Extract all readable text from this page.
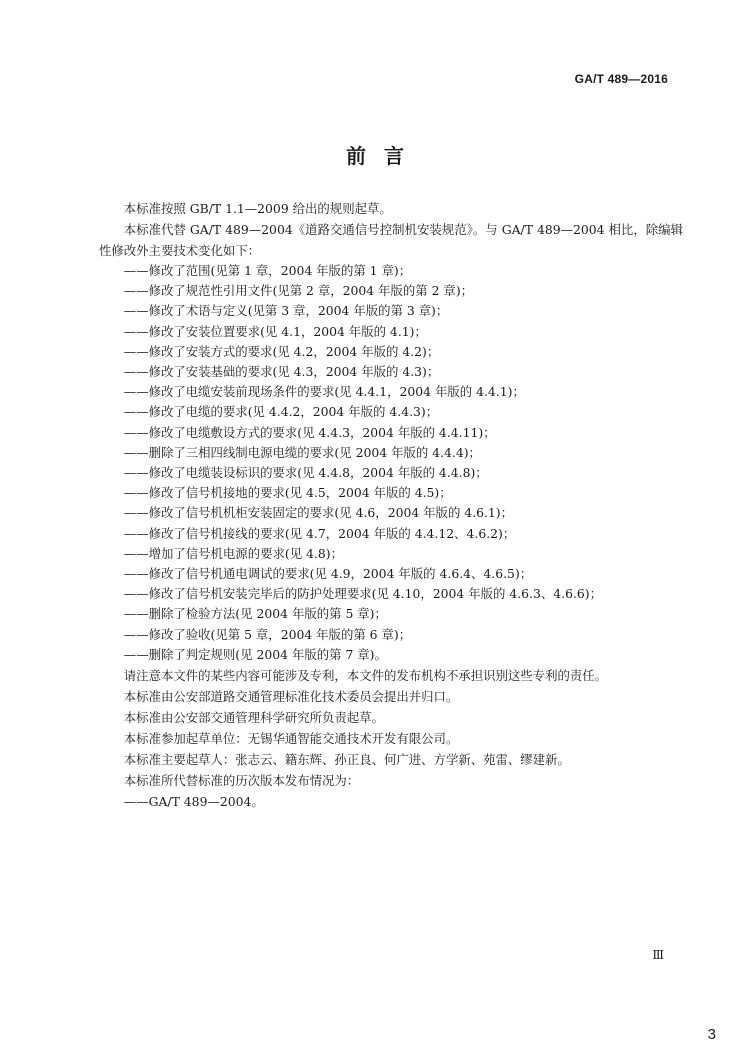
GA/T 489—2016
前言

本标准按照 GB/T 1.1—2009 给出的规则起草。

本标准代替 GA/T 489—2004《道路交通信号控制机安装规范》。与 GA/T 489—2004 相比，除编辑性修改外主要技术变化如下：

——修改了范围(见第 1 章，2004 年版的第 1 章)；

——修改了规范性引用文件(见第 2 章，2004 年版的第 2 章)；

——修改了术语与定义(见第 3 章，2004 年版的第 3 章)；

——修改了安装位置要求(见 4.1，2004 年版的 4.1)；

——修改了安装方式的要求(见 4.2，2004 年版的 4.2)；

——修改了安装基础的要求(见 4.3，2004 年版的 4.3)；

——修改了电缆安装前现场条件的要求(见 4.4.1，2004 年版的 4.4.1)；

——修改了电缆的要求(见 4.4.2，2004 年版的 4.4.3)；

——修改了电缆敷设方式的要求(见 4.4.3，2004 年版的 4.4.11)；

——删除了三相四线制电源电缆的要求(见 2004 年版的 4.4.4)；

——修改了电缆装设标识的要求(见 4.4.8，2004 年版的 4.4.8)；

——修改了信号机接地的要求(见 4.5，2004 年版的 4.5)；

——修改了信号机机柜安装固定的要求(见 4.6，2004 年版的 4.6.1)；

——修改了信号机接线的要求(见 4.7，2004 年版的 4.4.12、4.6.2)；

——增加了信号机电源的要求(见 4.8)；

——修改了信号机通电调试的要求(见 4.9，2004 年版的 4.6.4、4.6.5)；

——修改了信号机安装完毕后的防护处理要求(见 4.10，2004 年版的 4.6.3、4.6.6)；

——删除了检验方法(见 2004 年版的第 5 章)；

——修改了验收(见第 5 章，2004 年版的第 6 章)；

——删除了判定规则(见 2004 年版的第 7 章)。

请注意本文件的某些内容可能涉及专利，本文件的发布机构不承担识别这些专利的责任。

本标准由公安部道路交通管理标准化技术委员会提出并归口。

本标准由公安部交通管理科学研究所负责起草。

本标准参加起草单位：无锡华通智能交通技术开发有限公司。

本标准主要起草人：张志云、籍东辉、孙正良、何广进、方学新、苑雷、缪建新。

本标准所代替标准的历次版本发布情况为：

——GA/T 489—2004。

Ⅲ
3
